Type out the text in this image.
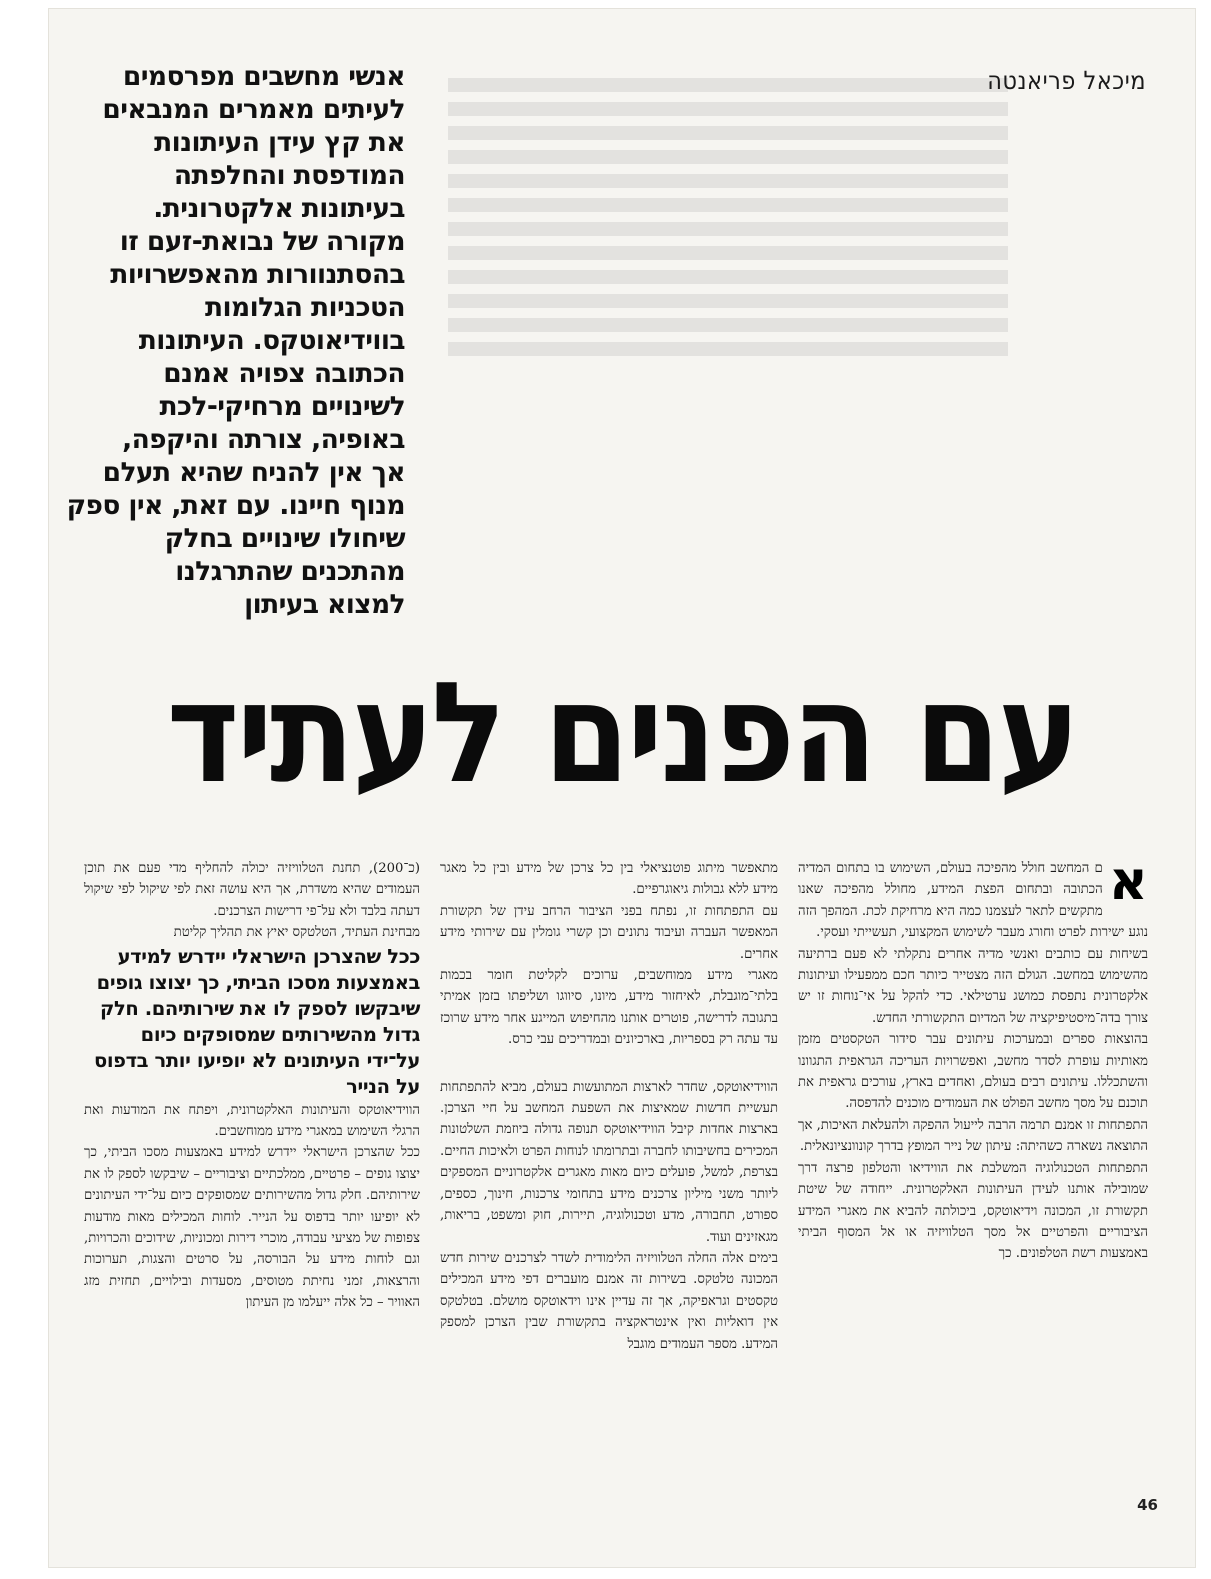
מיכאל פריאנטה
אנשי מחשבים מפרסמים
לעיתים מאמרים המנבאים
את קץ עידן העיתונות
המודפסת והחלפתה
בעיתונות אלקטרונית.
מקורה של נבואת-זעם זו
בהסתנוורות מהאפשרויות
הטכניות הגלומות
בווידיאוטקס. העיתונות
הכתובה צפויה אמנם
לשינויים מרחיקי-לכת
באופיה, צורתה והיקפה,
אך אין להניח שהיא תעלם
מנוף חיינו. עם זאת, אין ספק
שיחולו שינויים בחלק
מהתכנים שהתרגלנו
למצוא בעיתון
עם הפנים לעתיד

א
ם המחשב חולל מהפיכה בעולם, השימוש בו בתחום המדיה הכתובה ובתחום הפצת המידע, מחולל מהפיכה שאנו מתקשים לתאר לעצמנו כמה היא מרחיקת לכת. המהפך הזה נוגע ישירות לפרט וחורג מעבר לשימוש המקצועי, תעשייתי ועסקי.

בשיחות עם כותבים ואנשי מדיה אחרים נתקלתי לא פעם ברתיעה מהשימוש במחשב. הגולם הזה מצטייר כיותר חכם ממפעילו ועיתונות אלקטרונית נתפסת כמושג ערטילאי. כדי להקל על אי־נוחות זו יש צורך בדה־מיסטיפיקציה של המדיום התקשורתי החדש.

בהוצאות ספרים ובמערכות עיתונים עבר סידור הטקסטים מזמן מאותיות עופרת לסדר מחשב, ואפשרויות העריכה הגראפית התגוונו והשתכללו. עיתונים רבים בעולם, ואחדים בארץ, עורכים גראפית את תוכנם על מסך מחשב הפולט את העמודים מוכנים להדפסה.

התפתחות זו אמנם תרמה הרבה לייעול ההפקה ולהעלאת האיכות, אך התוצאה נשארה כשהיתה: עיתון של נייר המופץ בדרך קונוונציונאלית.

התפתחות הטכנולוגיה המשלבת את הווידיאו והטלפון פרצה דרך שמובילה אותנו לעידן העיתונות האלקטרונית. ייחודה של שיטת תקשורת זו, המכונה וידיאוטקס, ביכולתה להביא את מאגרי המידע הציבוריים והפרטיים אל מסך הטלוויזיה או אל המסוף הביתי באמצעות רשת הטלפונים. כך

מתאפשר מיתוג פוטנציאלי בין כל צרכן של מידע ובין כל מאגר מידע ללא גבולות גיאוגרפיים.

עם התפתחות זו, נפתח בפני הציבור הרחב עידן של תקשורת המאפשר העברה ועיבוד נתונים וכן קשרי גומלין עם שירותי מידע אחרים.

מאגרי מידע ממוחשבים, ערוכים לקליטת חומר בכמות בלתי־מוגבלת, לאיחזור מידע, מיונו, סיווגו ושליפתו בזמן אמיתי בתגובה לדרישה, פוטרים אותנו מהחיפוש המייגע אחר מידע שרוכז עד עתה רק בספריות, בארכיונים ובמדריכים עבי כרס.

הווידיאוטקס, שחדר לארצות המתועשות בעולם, מביא להתפתחות תעשיית חדשות שמאיצות את השפעת המחשב על חיי הצרכן. בארצות אחדות קיבל הווידיאוטקס תנופה גדולה ביוזמת השלטונות המכירים בחשיבותו לחברה ובתרומתו לנוחות הפרט ולאיכות החיים. בצרפת, למשל, פועלים כיום מאות מאגרים אלקטרוניים המספקים ליותר משני מיליון צרכנים מידע בתחומי צרכנות, חינוך, כספים, ספורט, תחבורה, מדע וטכנולוגיה, תיירות, חוק ומשפט, בריאות, מגאזינים ועוד.

בימים אלה החלה הטלוויזיה הלימודית לשדר לצרכנים שירות חדש המכונה טלטקס. בשירות זה אמנם מועברים דפי מידע המכילים טקסטים וגראפיקה, אך זה עדיין אינו וידאוטקס מושלם. בטלטקס אין דואליות ואין אינטראקציה בתקשורת שבין הצרכן למספק המידע. מספר העמודים מוגבל

(כ־200), תחנת הטלוויזיה יכולה להחליף מדי פעם את תוכן העמודים שהיא משדרת, אך היא עושה זאת לפי שיקול לפי שיקול דעתה בלבד ולא על־פי דרישות הצרכנים.

מבחינת העתיד, הטלטקס יאיץ את תהליך קליטת

ככל שהצרכן הישראלי יידרש למידע באמצעות מסכו הביתי, כך יצוצו גופים שיבקשו לספק לו את שירותיהם. חלק גדול מהשירותים שמסופקים כיום על־ידי העיתונים לא יופיעו יותר בדפוס על הנייר

הווידיאוטקס והעיתונות האלקטרונית, ויפתח את המודעות ואת הרגלי השימוש במאגרי מידע ממוחשבים.

ככל שהצרכן הישראלי יידרש למידע באמצעות מסכו הביתי, כך יצוצו גופים – פרטיים, ממלכתיים וציבוריים – שיבקשו לספק לו את שירותיהם. חלק גדול מהשירותים שמסופקים כיום על־ידי העיתונים לא יופיעו יותר בדפוס על הנייר. לוחות המכילים מאות מודעות צפופות של מציעי עבודה, מוכרי דירות ומכוניות, שידוכים והכרויות, וגם לוחות מידע על הבורסה, על סרטים והצגות, תערוכות והרצאות, זמני נחיתת מטוסים, מסעדות ובילויים, תחזית מזג האוויר – כל אלה ייעלמו מן העיתון

46
